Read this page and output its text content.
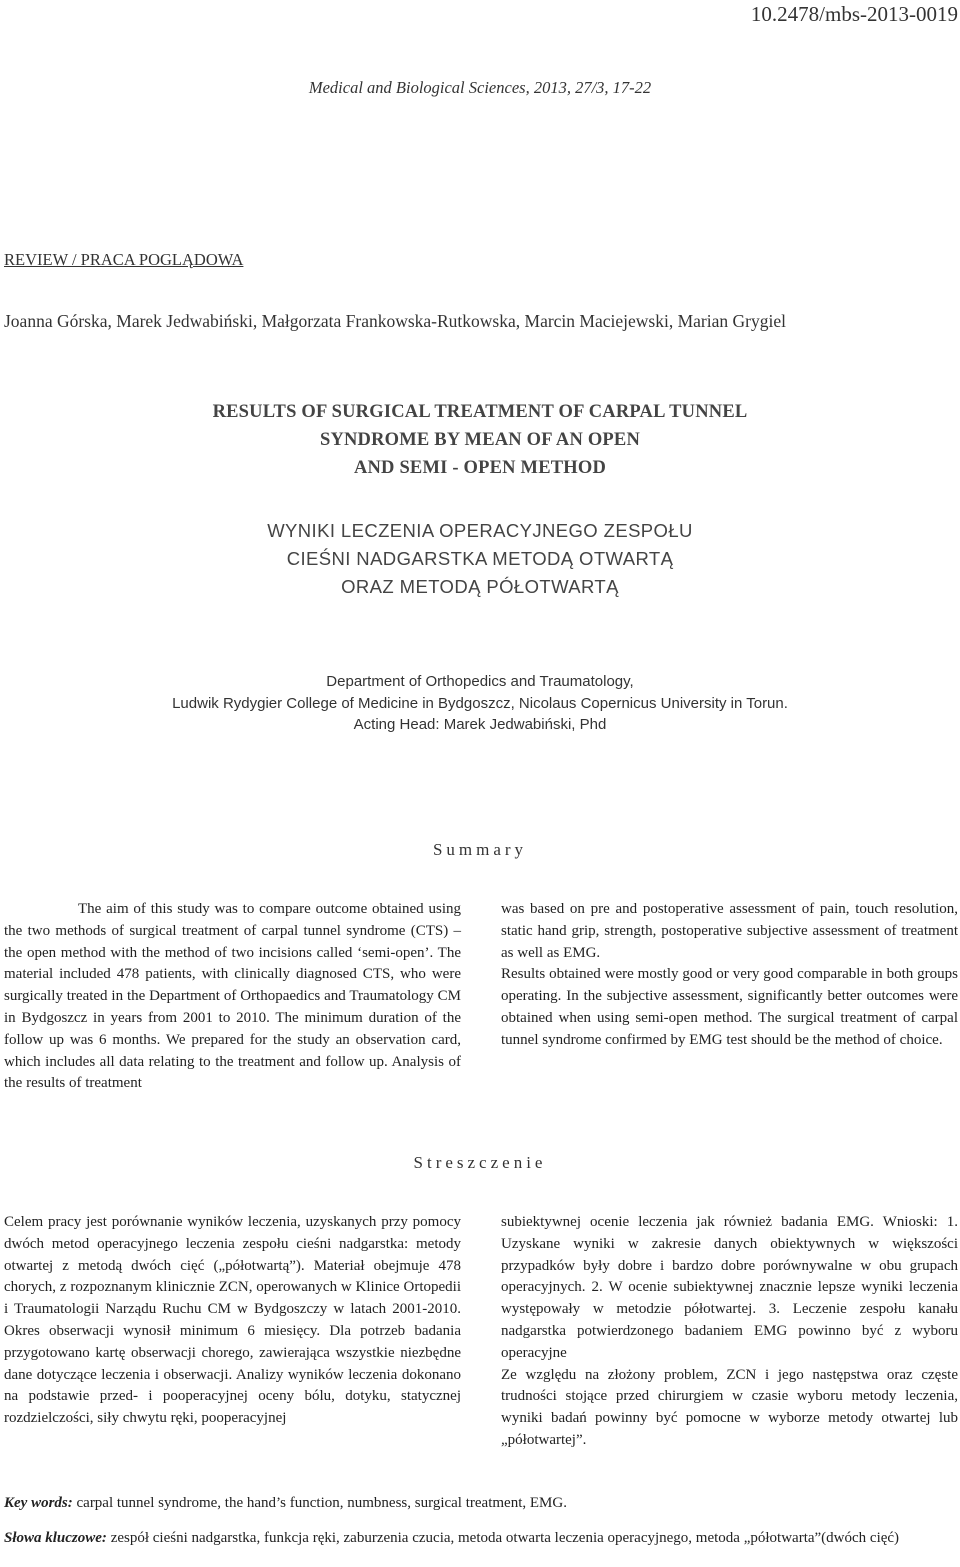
10.2478/mbs-2013-0019
Medical and Biological Sciences, 2013, 27/3, 17-22
REVIEW / PRACA POGLĄDOWA
Joanna Górska, Marek Jedwabiński, Małgorzata Frankowska-Rutkowska, Marcin Maciejewski, Marian Grygiel
RESULTS OF SURGICAL TREATMENT OF CARPAL TUNNEL
SYNDROME BY MEAN OF AN OPEN
AND SEMI - OPEN METHOD
WYNIKI LECZENIA OPERACYJNEGO ZESPOŁU
CIEŚNI NADGARSTKA METODĄ OTWARTĄ
ORAZ METODĄ PÓŁOTWARTĄ
Department of Orthopedics and Traumatology,
Ludwik Rydygier College of Medicine in Bydgoszcz, Nicolaus Copernicus University in Torun.
Acting Head: Marek Jedwabiński, Phd
Summary

The aim of this study was to compare outcome obtained using the two methods of surgical treatment of carpal tunnel syndrome (CTS) – the open method with the method of two incisions called ‘semi-open’. The material included 478 patients, with clinically diagnosed CTS, who were surgically treated in the Department of Orthopaedics and Traumatology CM in Bydgoszcz in years from 2001 to 2010. The minimum duration of the follow up was 6 months. We prepared for the study an observation card, which includes all data relating to the treatment and follow up. Analysis of the results of treatment

was based on pre and postoperative assessment of pain, touch resolution, static hand grip, strength, postoperative subjective assessment of treatment as well as EMG.

Results obtained were mostly good or very good comparable in both groups operating. In the subjective assessment, significantly better outcomes were obtained when using semi-open method. The surgical treatment of carpal tunnel syndrome confirmed by EMG test should be the method of choice.

Streszczenie

Celem pracy jest porównanie wyników leczenia, uzyskanych przy pomocy dwóch metod operacyjnego leczenia zespołu cieśni nadgarstka: metody otwartej z metodą dwóch cięć („półotwartą”). Materiał obejmuje 478 chorych, z rozpoznanym klinicznie ZCN, operowanych w Klinice Ortopedii i Traumatologii Narządu Ruchu CM w Bydgoszczy w latach 2001-2010. Okres obserwacji wynosił minimum 6 miesięcy. Dla potrzeb badania przygotowano kartę obserwacji chorego, zawierająca wszystkie niezbędne dane dotyczące leczenia i obserwacji. Analizy wyników leczenia dokonano na podstawie przed- i pooperacyjnej oceny bólu, dotyku, statycznej rozdzielczości, siły chwytu ręki, pooperacyjnej

subiektywnej ocenie leczenia jak również badania EMG. Wnioski: 1. Uzyskane wyniki w zakresie danych obiektywnych w większości przypadków były dobre i bardzo dobre porównywalne w obu grupach operacyjnych. 2. W ocenie subiektywnej znacznie lepsze wyniki leczenia występowały w metodzie półotwartej. 3. Leczenie zespołu kanału nadgarstka potwierdzonego badaniem EMG powinno być z wyboru operacyjne

Ze względu na złożony problem, ZCN i jego następstwa oraz częste trudności stojące przed chirurgiem w czasie wyboru metody leczenia, wyniki badań powinny być pomocne w wyborze metody otwartej lub „półotwartej”.

Key words: carpal tunnel syndrome, the hand’s function, numbness, surgical treatment, EMG.
Słowa kluczowe: zespół cieśni nadgarstka, funkcja ręki, zaburzenia czucia, metoda otwarta leczenia operacyjnego, metoda „półotwarta”(dwóch cięć)
